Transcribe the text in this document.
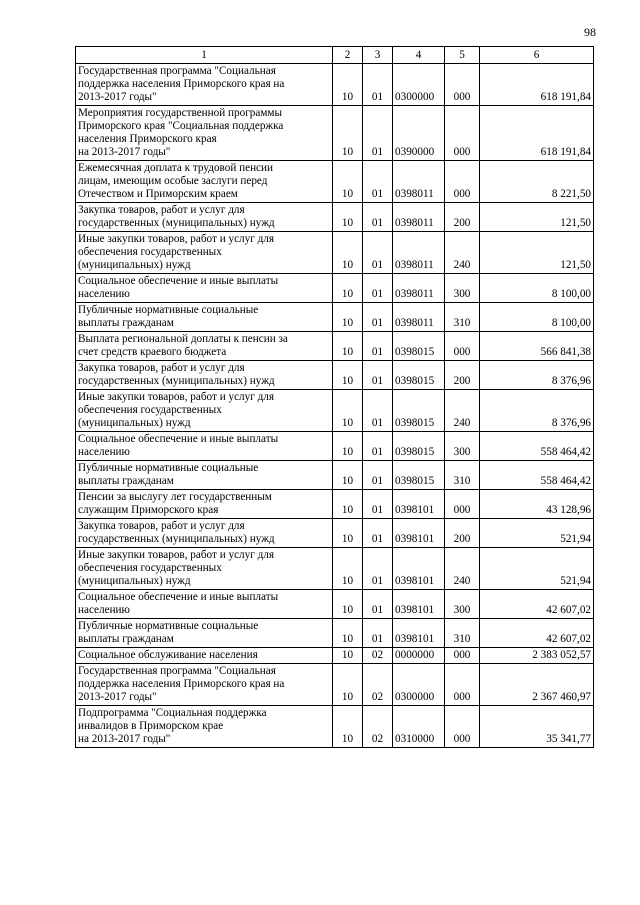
98
1	2	3	4	5	6

Государственная программа "Социальная
поддержка населения Приморского края на
2013-2017 годы"	10	01	0300000	000	618 191,84

Мероприятия государственной программы
Приморского края "Социальная поддержка
населения Приморского края
на 2013-2017 годы"	10	01	0390000	000	618 191,84

Ежемесячная доплата к трудовой пенсии
лицам, имеющим особые заслуги перед
Отечеством и Приморским краем	10	01	0398011	000	8 221,50

Закупка товаров, работ и услуг для
государственных (муниципальных) нужд	10	01	0398011	200	121,50

Иные закупки товаров, работ и услуг для
обеспечения государственных
(муниципальных) нужд	10	01	0398011	240	121,50

Социальное обеспечение и иные выплаты
населению	10	01	0398011	300	8 100,00

Публичные нормативные социальные
выплаты гражданам	10	01	0398011	310	8 100,00

Выплата региональной доплаты к пенсии за
счет средств краевого бюджета	10	01	0398015	000	566 841,38

Закупка товаров, работ и услуг для
государственных (муниципальных) нужд	10	01	0398015	200	8 376,96

Иные закупки товаров, работ и услуг для
обеспечения государственных
(муниципальных) нужд	10	01	0398015	240	8 376,96

Социальное обеспечение и иные выплаты
населению	10	01	0398015	300	558 464,42

Публичные нормативные социальные
выплаты гражданам	10	01	0398015	310	558 464,42

Пенсии за выслугу лет государственным
служащим Приморского края	10	01	0398101	000	43 128,96

Закупка товаров, работ и услуг для
государственных (муниципальных) нужд	10	01	0398101	200	521,94

Иные закупки товаров, работ и услуг для
обеспечения государственных
(муниципальных) нужд	10	01	0398101	240	521,94

Социальное обеспечение и иные выплаты
населению	10	01	0398101	300	42 607,02

Публичные нормативные социальные
выплаты гражданам	10	01	0398101	310	42 607,02

Социальное обслуживание населения	10	02	0000000	000	2 383 052,57

Государственная программа "Социальная
поддержка населения Приморского края на
2013-2017 годы"	10	02	0300000	000	2 367 460,97

Подпрограмма "Социальная поддержка
инвалидов в Приморском крае
на 2013-2017 годы"	10	02	0310000	000	35 341,77
